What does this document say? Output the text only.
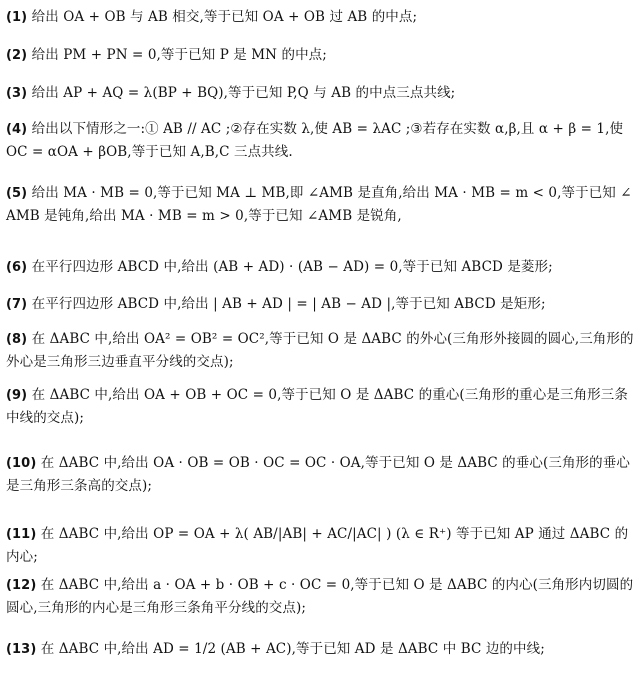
(1) 给出 OA + OB 与 AB 相交,等于已知 OA + OB 过 AB 的中点;
(2) 给出 PM + PN = 0,等于已知 P 是 MN 的中点;
(3) 给出 AP + AQ = λ(BP + BQ),等于已知 P,Q 与 AB 的中点三点共线;
(4) 给出以下情形之一:① AB // AC ;②存在实数 λ,使 AB = λAC ;③若存在实数 α,β,且 α + β = 1,使 OC = αOA + βOB,等于已知 A,B,C 三点共线.
(5) 给出 MA · MB = 0,等于已知 MA ⊥ MB,即 ∠AMB 是直角,给出 MA · MB = m < 0,等于已知 ∠AMB 是钝角,给出 MA · MB = m > 0,等于已知 ∠AMB 是锐角,
(6) 在平行四边形 ABCD 中,给出 (AB + AD) · (AB − AD) = 0,等于已知 ABCD 是菱形;
(7) 在平行四边形 ABCD 中,给出 | AB + AD | = | AB − AD |,等于已知 ABCD 是矩形;
(8) 在 ΔABC 中,给出 OA² = OB² = OC²,等于已知 O 是 ΔABC 的外心(三角形外接圆的圆心,三角形的外心是三角形三边垂直平分线的交点);
(9) 在 ΔABC 中,给出 OA + OB + OC = 0,等于已知 O 是 ΔABC 的重心(三角形的重心是三角形三条中线的交点);
(10) 在 ΔABC 中,给出 OA · OB = OB · OC = OC · OA,等于已知 O 是 ΔABC 的垂心(三角形的垂心是三角形三条高的交点);
(11) 在 ΔABC 中,给出 OP = OA + λ( AB/|AB| + AC/|AC| ) (λ ∈ R⁺) 等于已知 AP 通过 ΔABC 的内心;
(12) 在 ΔABC 中,给出 a · OA + b · OB + c · OC = 0,等于已知 O 是 ΔABC 的内心(三角形内切圆的圆心,三角形的内心是三角形三条角平分线的交点);
(13) 在 ΔABC 中,给出 AD = 1/2 (AB + AC),等于已知 AD 是 ΔABC 中 BC 边的中线;
